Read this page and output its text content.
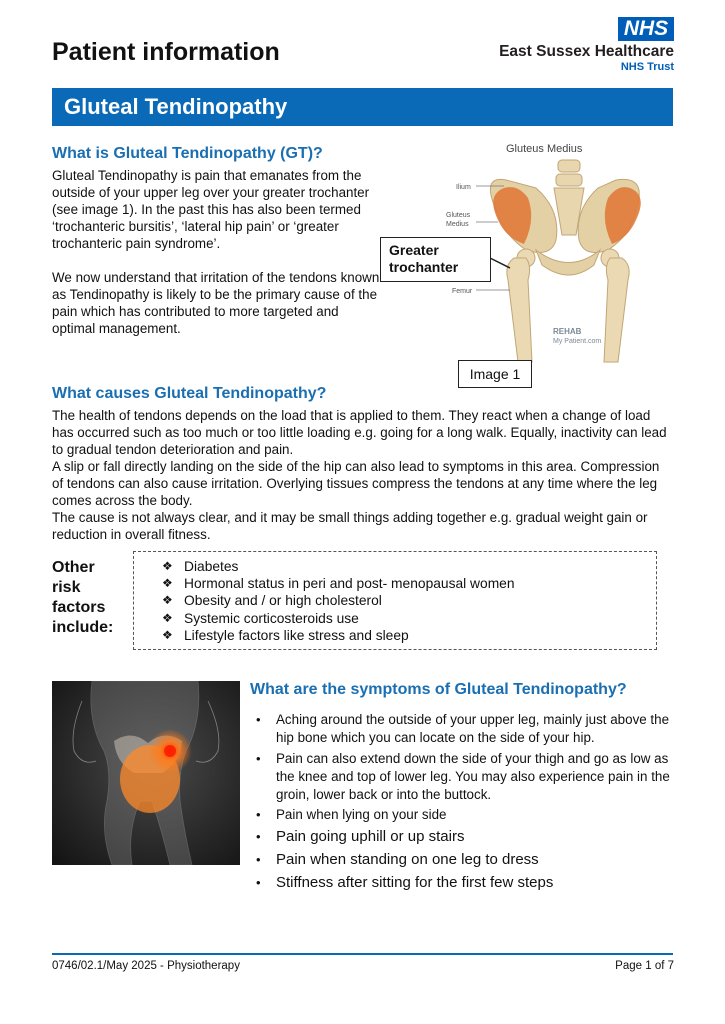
Patient information
NHS
East Sussex Healthcare
NHS Trust
Gluteal Tendinopathy
What is Gluteal Tendinopathy (GT)?

Gluteal Tendinopathy is pain that emanates from the outside of your upper leg over your greater trochanter (see image 1). In the past this has also been termed ‘trochanteric bursitis’, ‘lateral hip pain’ or ‘greater trochanteric pain syndrome’.

We now understand that irritation of the tendons known as Tendinopathy is likely to be the primary cause of the pain which has contributed to more targeted and optimal management.

Gluteus Medius
Ilium
Gluteus
Medius
Femur
REHAB
My Patient.com
Greater
trochanter
Image 1
What causes Gluteal Tendinopathy?

The health of tendons depends on the load that is applied to them. They react when a change of load has occurred such as too much or too little loading e.g. going for a long walk. Equally, inactivity can lead to gradual tendon deterioration and pain.

A slip or fall directly landing on the side of the hip can also lead to symptoms in this area. Compression of tendons can also cause irritation. Overlying tissues compress the tendons at any time where the leg comes across the body.

The cause is not always clear, and it may be small things adding together e.g. gradual weight gain or reduction in overall fitness.

Other
risk
factors
include:
❖ Diabetes
❖ Hormonal status in peri and post- menopausal women
❖ Obesity and / or high cholesterol
❖ Systemic corticosteroids use
❖ Lifestyle factors like stress and sleep
What are the symptoms of Gluteal Tendinopathy?
• Aching around the outside of your upper leg, mainly just above the hip bone which you can locate on the side of your hip.
• Pain can also extend down the side of your thigh and go as low as the knee and top of lower leg. You may also experience pain in the groin, lower back or into the buttock.
• Pain when lying on your side
• Pain going uphill or up stairs
• Pain when standing on one leg to dress
• Stiffness after sitting for the first few steps
0746/02.1/May 2025 - Physiotherapy	Page 1 of 7
